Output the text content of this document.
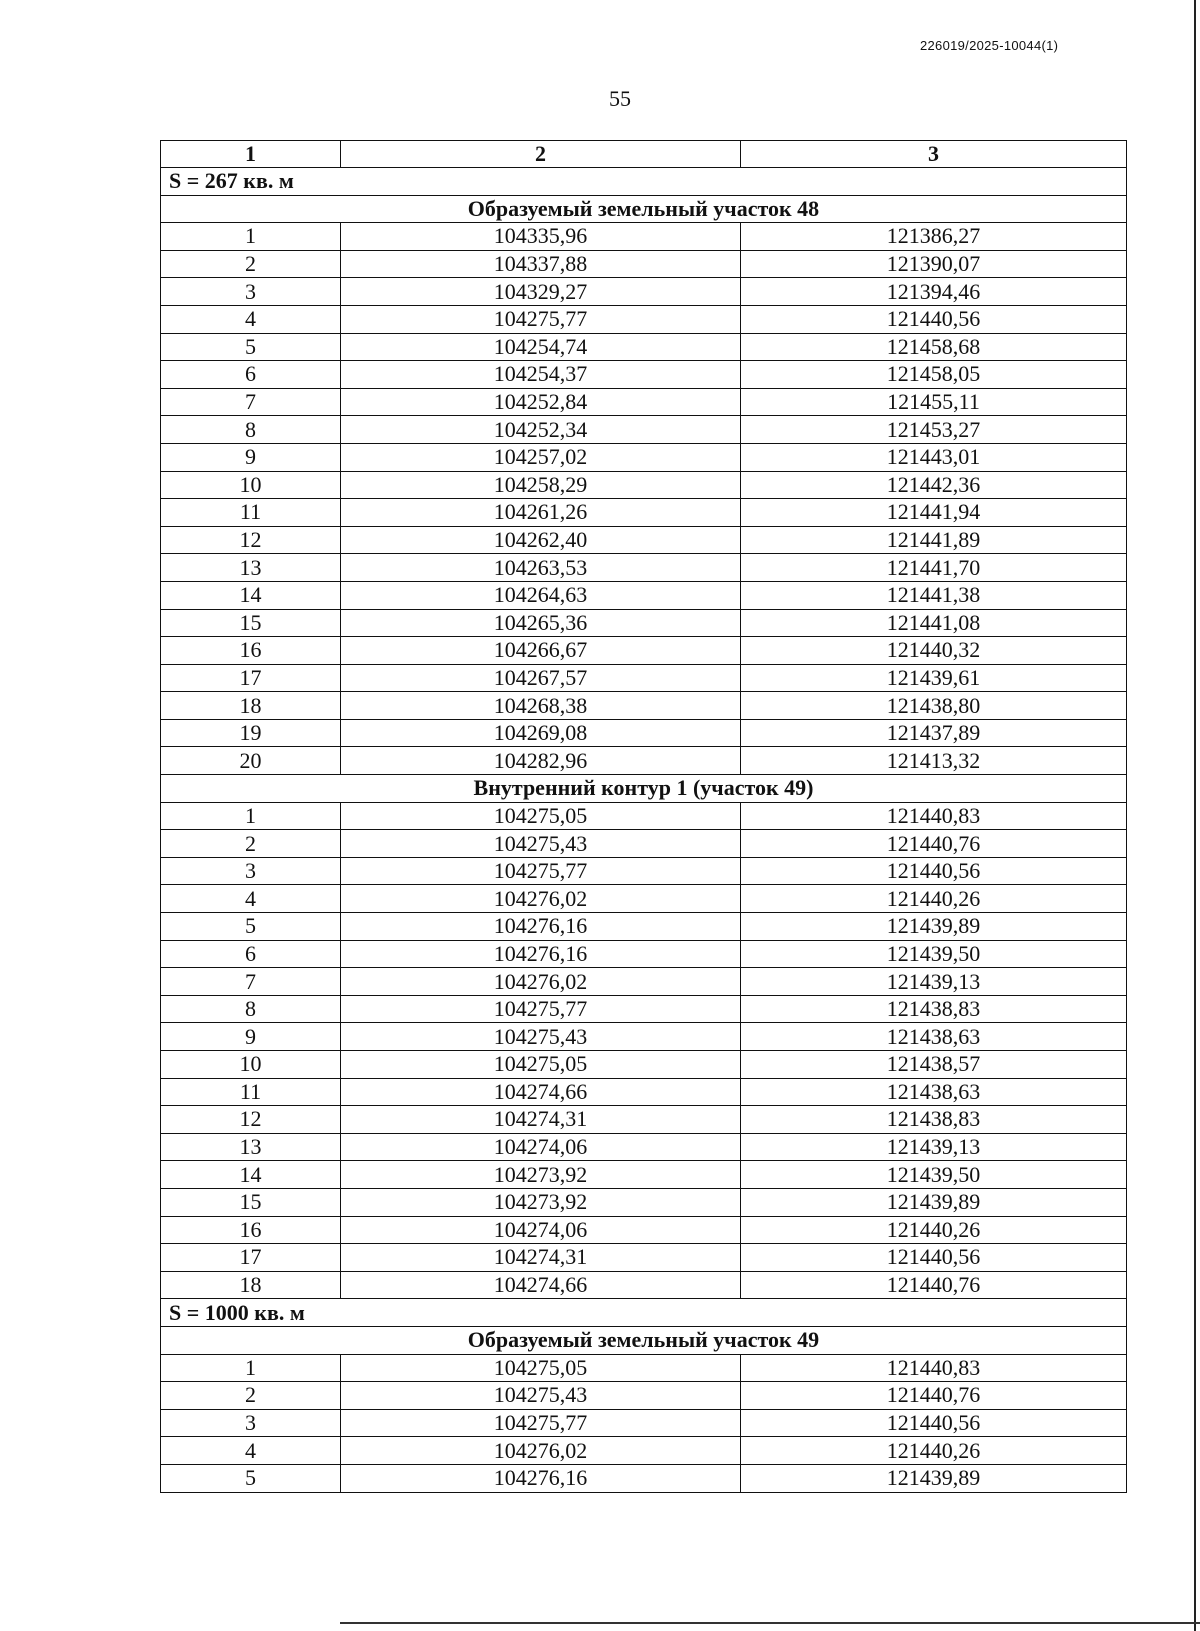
226019/2025-10044(1)
55
1	2	3
S = 267 кв. м		
Образуемый земельный участок 48		
1	104335,96	121386,27
2	104337,88	121390,07
3	104329,27	121394,46
4	104275,77	121440,56
5	104254,74	121458,68
6	104254,37	121458,05
7	104252,84	121455,11
8	104252,34	121453,27
9	104257,02	121443,01
10	104258,29	121442,36
11	104261,26	121441,94
12	104262,40	121441,89
13	104263,53	121441,70
14	104264,63	121441,38
15	104265,36	121441,08
16	104266,67	121440,32
17	104267,57	121439,61
18	104268,38	121438,80
19	104269,08	121437,89
20	104282,96	121413,32
Внутренний контур 1 (участок 49)		
1	104275,05	121440,83
2	104275,43	121440,76
3	104275,77	121440,56
4	104276,02	121440,26
5	104276,16	121439,89
6	104276,16	121439,50
7	104276,02	121439,13
8	104275,77	121438,83
9	104275,43	121438,63
10	104275,05	121438,57
11	104274,66	121438,63
12	104274,31	121438,83
13	104274,06	121439,13
14	104273,92	121439,50
15	104273,92	121439,89
16	104274,06	121440,26
17	104274,31	121440,56
18	104274,66	121440,76
S = 1000 кв. м		
Образуемый земельный участок 49		
1	104275,05	121440,83
2	104275,43	121440,76
3	104275,77	121440,56
4	104276,02	121440,26
5	104276,16	121439,89
